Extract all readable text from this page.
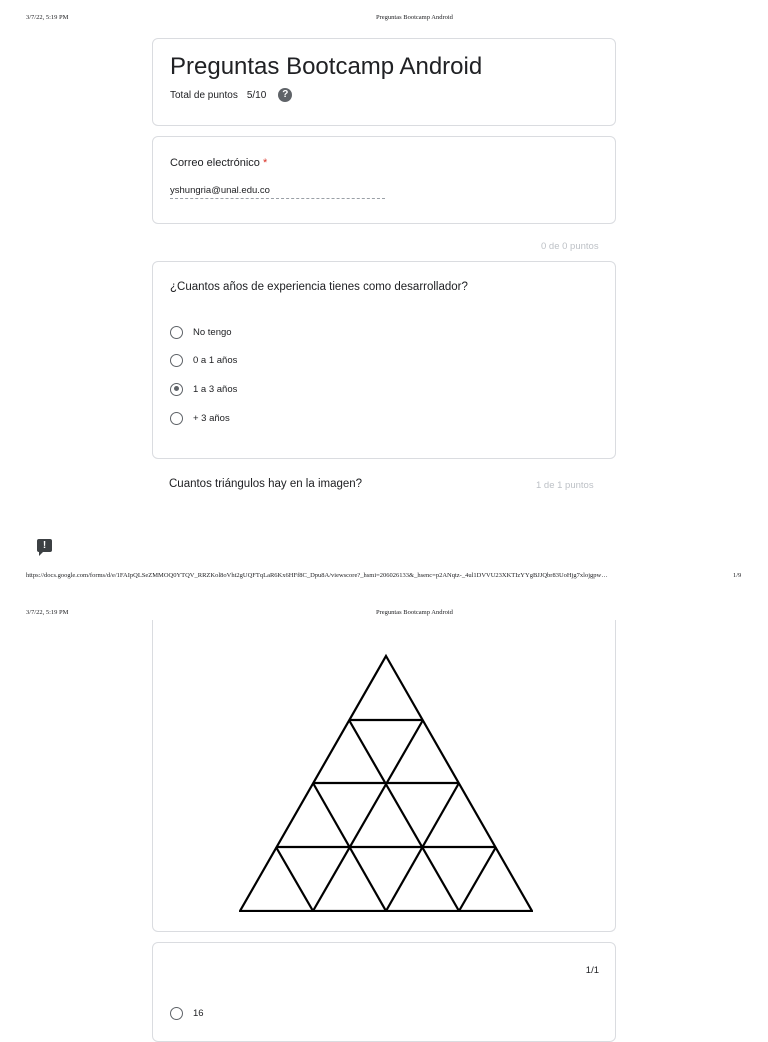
3/7/22, 5:19 PM	Preguntas Bootcamp Android
Preguntas Bootcamp Android
Total de puntos 5/10	?
Correo electrónico *
yshungria@unal.edu.co
0 de 0 puntos
¿Cuantos años de experiencia tienes como desarrollador?
No tengo
0 a 1 años
1 a 3 años
+ 3 años
Cuantos triángulos hay en la imagen?	1 de 1 puntos
!
https://docs.google.com/forms/d/e/1FAIpQLSeZMMOQ0YTQV_RRZKol8oVht2gUQFTqLaR6Kx6HFf8C_Dpu8A/viewscore?_hsmi=206026133&_hsenc=p2ANqtz-_4ul1DVVU23XKTIzYYgBJJQbr83UoHjg7xlojgpw…	1/9
3/7/22, 5:19 PM	Preguntas Bootcamp Android
1/1
16
